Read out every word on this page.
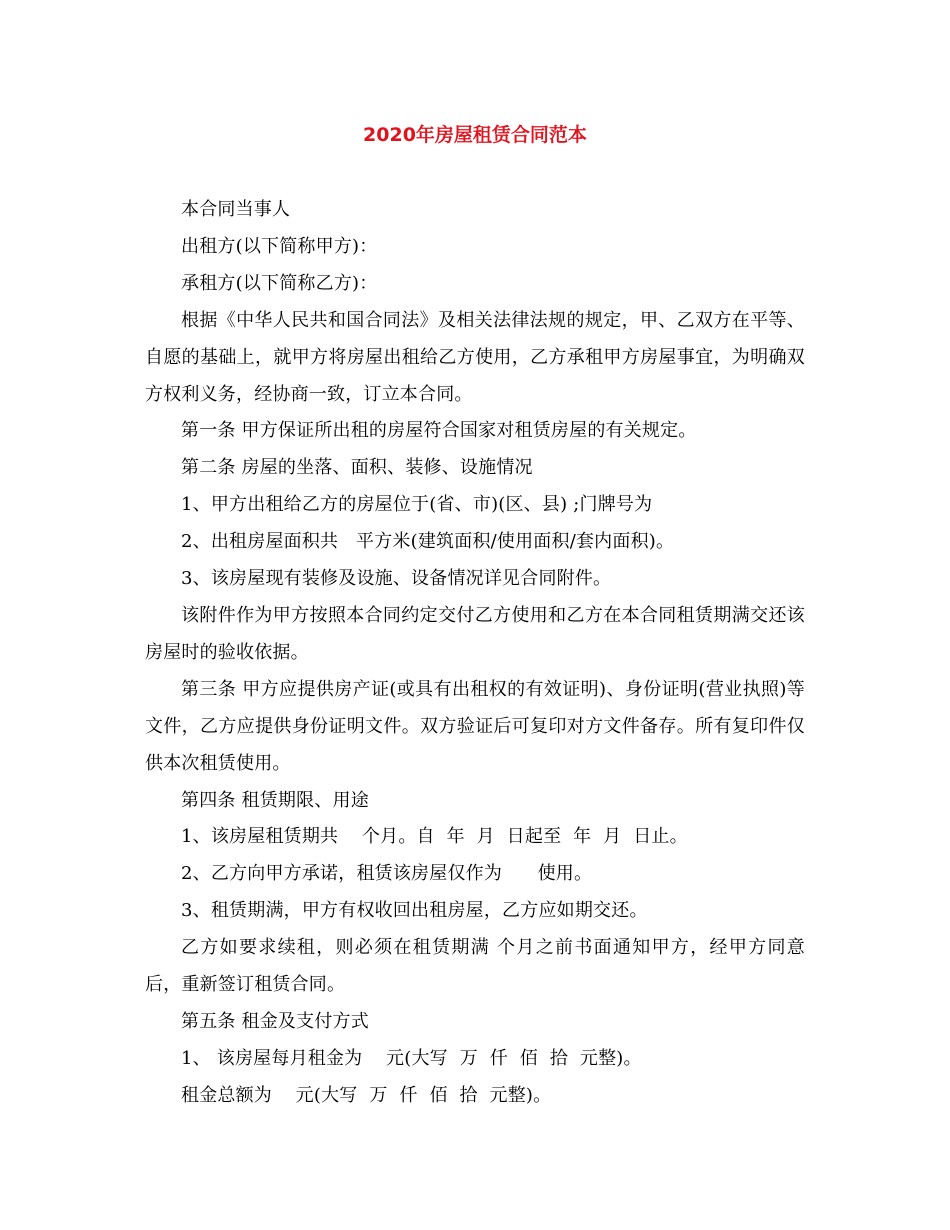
2020年房屋租赁合同范本

本合同当事人

出租方(以下简称甲方)：

承租方(以下简称乙方)：

根据《中华人民共和国合同法》及相关法律法规的规定，甲、乙双方在平等、自愿的基础上，就甲方将房屋出租给乙方使用，乙方承租甲方房屋事宜，为明确双方权利义务，经协商一致，订立本合同。

第一条 甲方保证所出租的房屋符合国家对租赁房屋的有关规定。

第二条 房屋的坐落、面积、装修、设施情况

1、甲方出租给乙方的房屋位于(省、市)(区、县) ;门牌号为

2、出租房屋面积共   平方米(建筑面积/使用面积/套内面积)。

3、该房屋现有装修及设施、设备情况详见合同附件。

该附件作为甲方按照本合同约定交付乙方使用和乙方在本合同租赁期满交还该房屋时的验收依据。

第三条 甲方应提供房产证(或具有出租权的有效证明)、身份证明(营业执照)等文件，乙方应提供身份证明文件。双方验证后可复印对方文件备存。所有复印件仅供本次租赁使用。

第四条 租赁期限、用途

1、该房屋租赁期共    个月。自  年  月  日起至  年  月  日止。

2、乙方向甲方承诺，租赁该房屋仅作为      使用。

3、租赁期满，甲方有权收回出租房屋，乙方应如期交还。

乙方如要求续租，则必须在租赁期满 个月之前书面通知甲方，经甲方同意后，重新签订租赁合同。

第五条 租金及支付方式

1、 该房屋每月租金为    元(大写  万  仟  佰  拾  元整)。

租金总额为    元(大写  万  仟  佰  拾  元整)。
